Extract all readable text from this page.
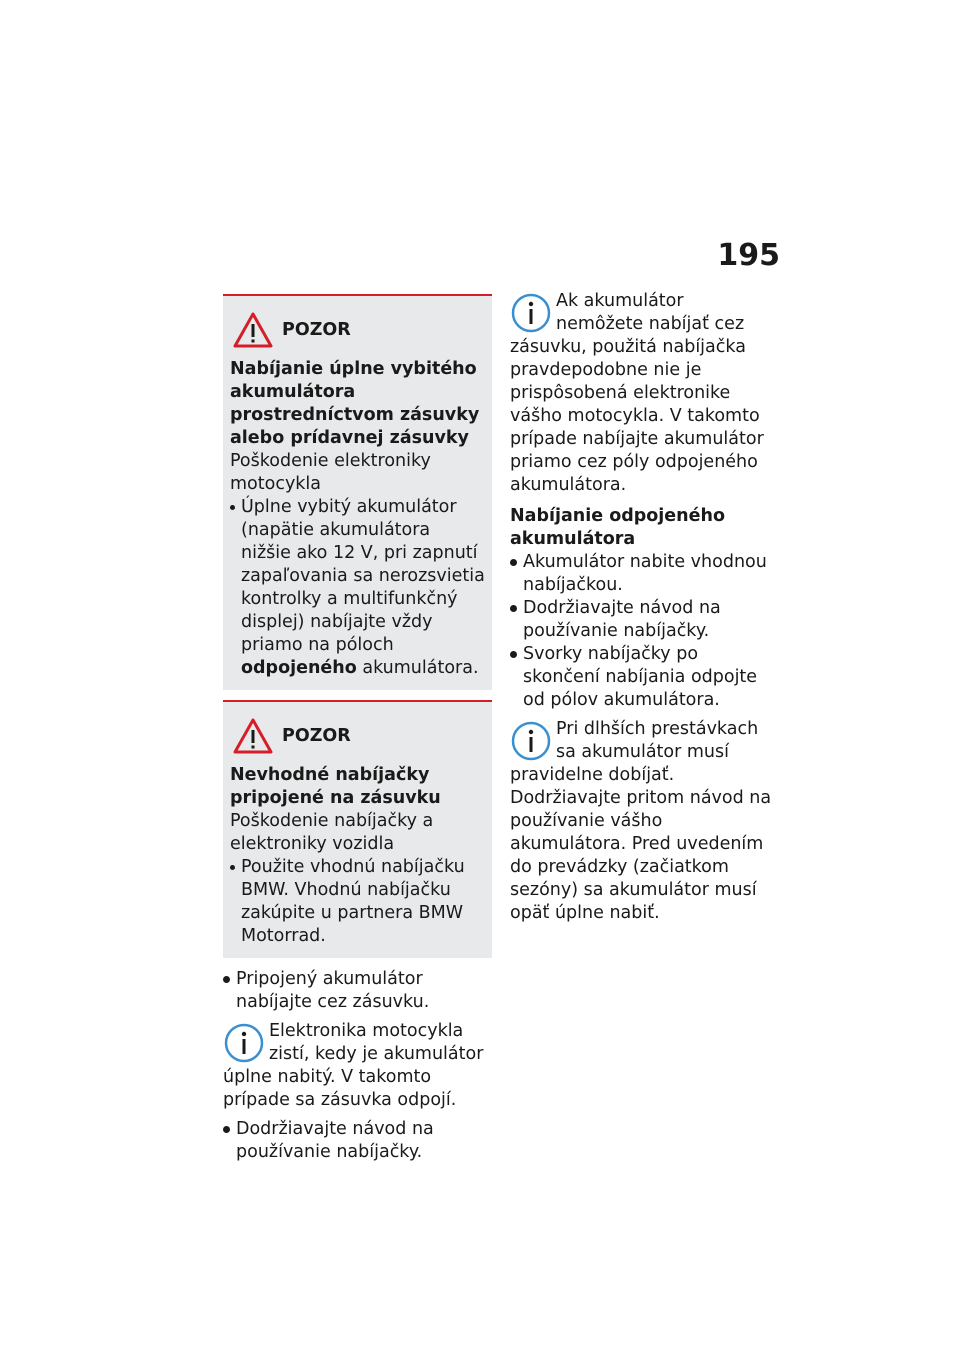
195
POZOR
Nabíjanie úplne vybitého akumulátora prostredníctvom zásuvky alebo prídavnej zásuvky
Poškodenie elektroniky motocykla
Úplne vybitý akumulátor (napätie akumulátora nižšie ako 12 V, pri zapnutí zapaľovania sa nerozsvietia kontrolky a multifunkčný displej) nabíjajte vždy priamo na póloch odpojeného akumulátora.
POZOR
Nevhodné nabíjačky pripojené na zásuvku
Poškodenie nabíjačky a elektroniky vozidla
Použite vhodnú nabíjačku BMW. Vhodnú nabíjačku zakúpite u partnera BMW Motorrad.
Pripojený akumulátor nabíjajte cez zásuvku.
Elektronika motocykla zistí, kedy je akumulátor úplne nabitý. V takomto prípade sa zásuvka odpojí.
Dodržiavajte návod na používanie nabíjačky.
Ak akumulátor nemôžete nabíjať cez zásuvku, použitá nabíjačka pravdepodobne nie je prispôsobená elektronike vášho motocykla. V takomto prípade nabíjajte akumulátor priamo cez póly odpojeného akumulátora.
Nabíjanie odpojeného akumulátora
Akumulátor nabite vhodnou nabíjačkou.
Dodržiavajte návod na používanie nabíjačky.
Svorky nabíjačky po skončení nabíjania odpojte od pólov akumulátora.
Pri dlhších prestávkach sa akumulátor musí pravidelne dobíjať. Dodržiavajte pritom návod na používanie vášho akumulátora. Pred uvedením do prevádzky (začiatkom sezóny) sa akumulátor musí opäť úplne nabiť.
